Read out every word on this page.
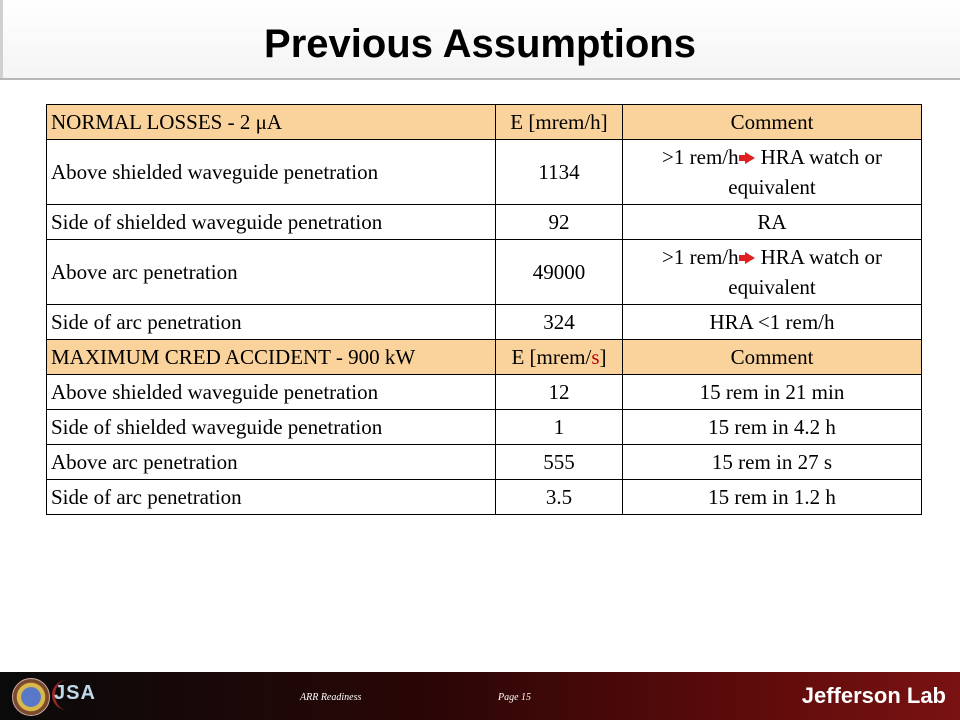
Previous Assumptions
NORMAL LOSSES - 2 μA	E [mrem/h]	Comment
Above shielded waveguide penetration	1134	>1 rem/h HRA watch or equivalent
Side of shielded waveguide penetration	92	RA
Above arc penetration	49000	>1 rem/h HRA watch or equivalent
Side of arc penetration	324	HRA <1 rem/h
MAXIMUM CRED ACCIDENT - 900 kW	E [mrem/s]	Comment
Above shielded waveguide penetration	12	15 rem in 21 min
Side of shielded waveguide penetration	1	15 rem in 4.2 h
Above arc penetration	555	15 rem in 27 s
Side of arc penetration	3.5	15 rem in 1.2 h
JSA	ARR Readiness	Page 15	Jefferson Lab
